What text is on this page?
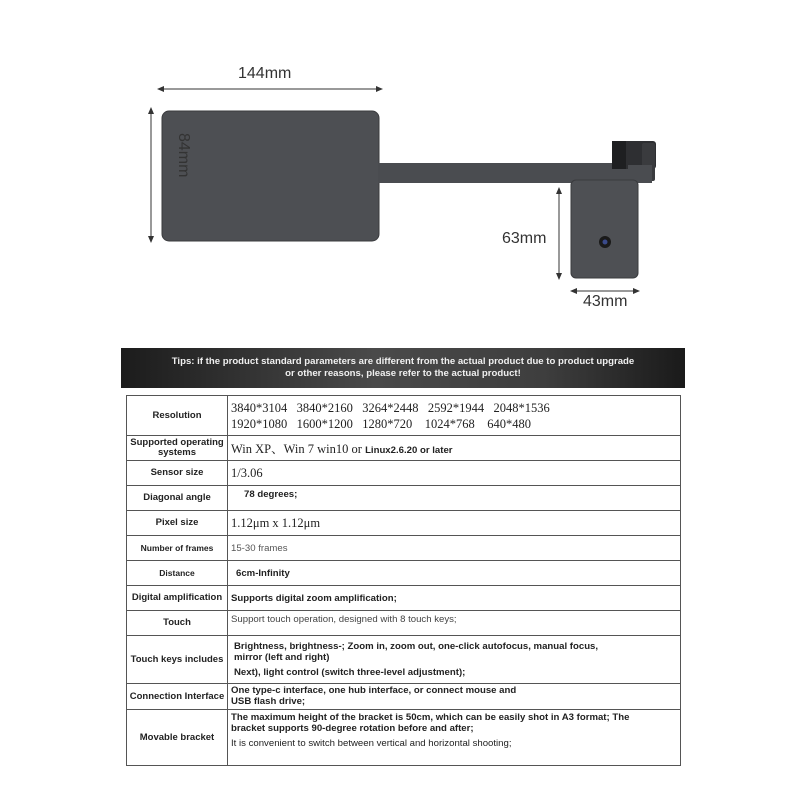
144mm
84mm
63mm
43mm
Tips: if the product standard parameters are different from the actual product due to product upgrade
or other reasons, please refer to the actual product!
Resolution	3840*3104   3840*2160   3264*2448   2592*1944   2048*1536
1920*1080   1600*1200   1280*720    1024*768    640*480

Supported operating systems	Win XP、Win 7 win10 or Linux2.6.20 or later
Sensor size	1/3.06
Diagonal angle	78 degrees;
Pixel size	1.12μm x 1.12μm
Number of frames	15-30 frames
Distance	6cm-Infinity
Digital amplification	Supports digital zoom amplification;
Touch	Support touch operation, designed with 8 touch keys;
Touch keys includes	Brightness, brightness-; Zoom in, zoom out, one-click autofocus, manual focus,
mirror (left and right)
Next), light control (switch three-level adjustment);

Connection Interface	One type-c interface, one hub interface, or connect mouse and
USB flash drive;

Movable bracket	The maximum height of the bracket is 50cm, which can be easily shot in A3 format; The
bracket supports 90-degree rotation before and after;
It is convenient to switch between vertical and horizontal shooting;
